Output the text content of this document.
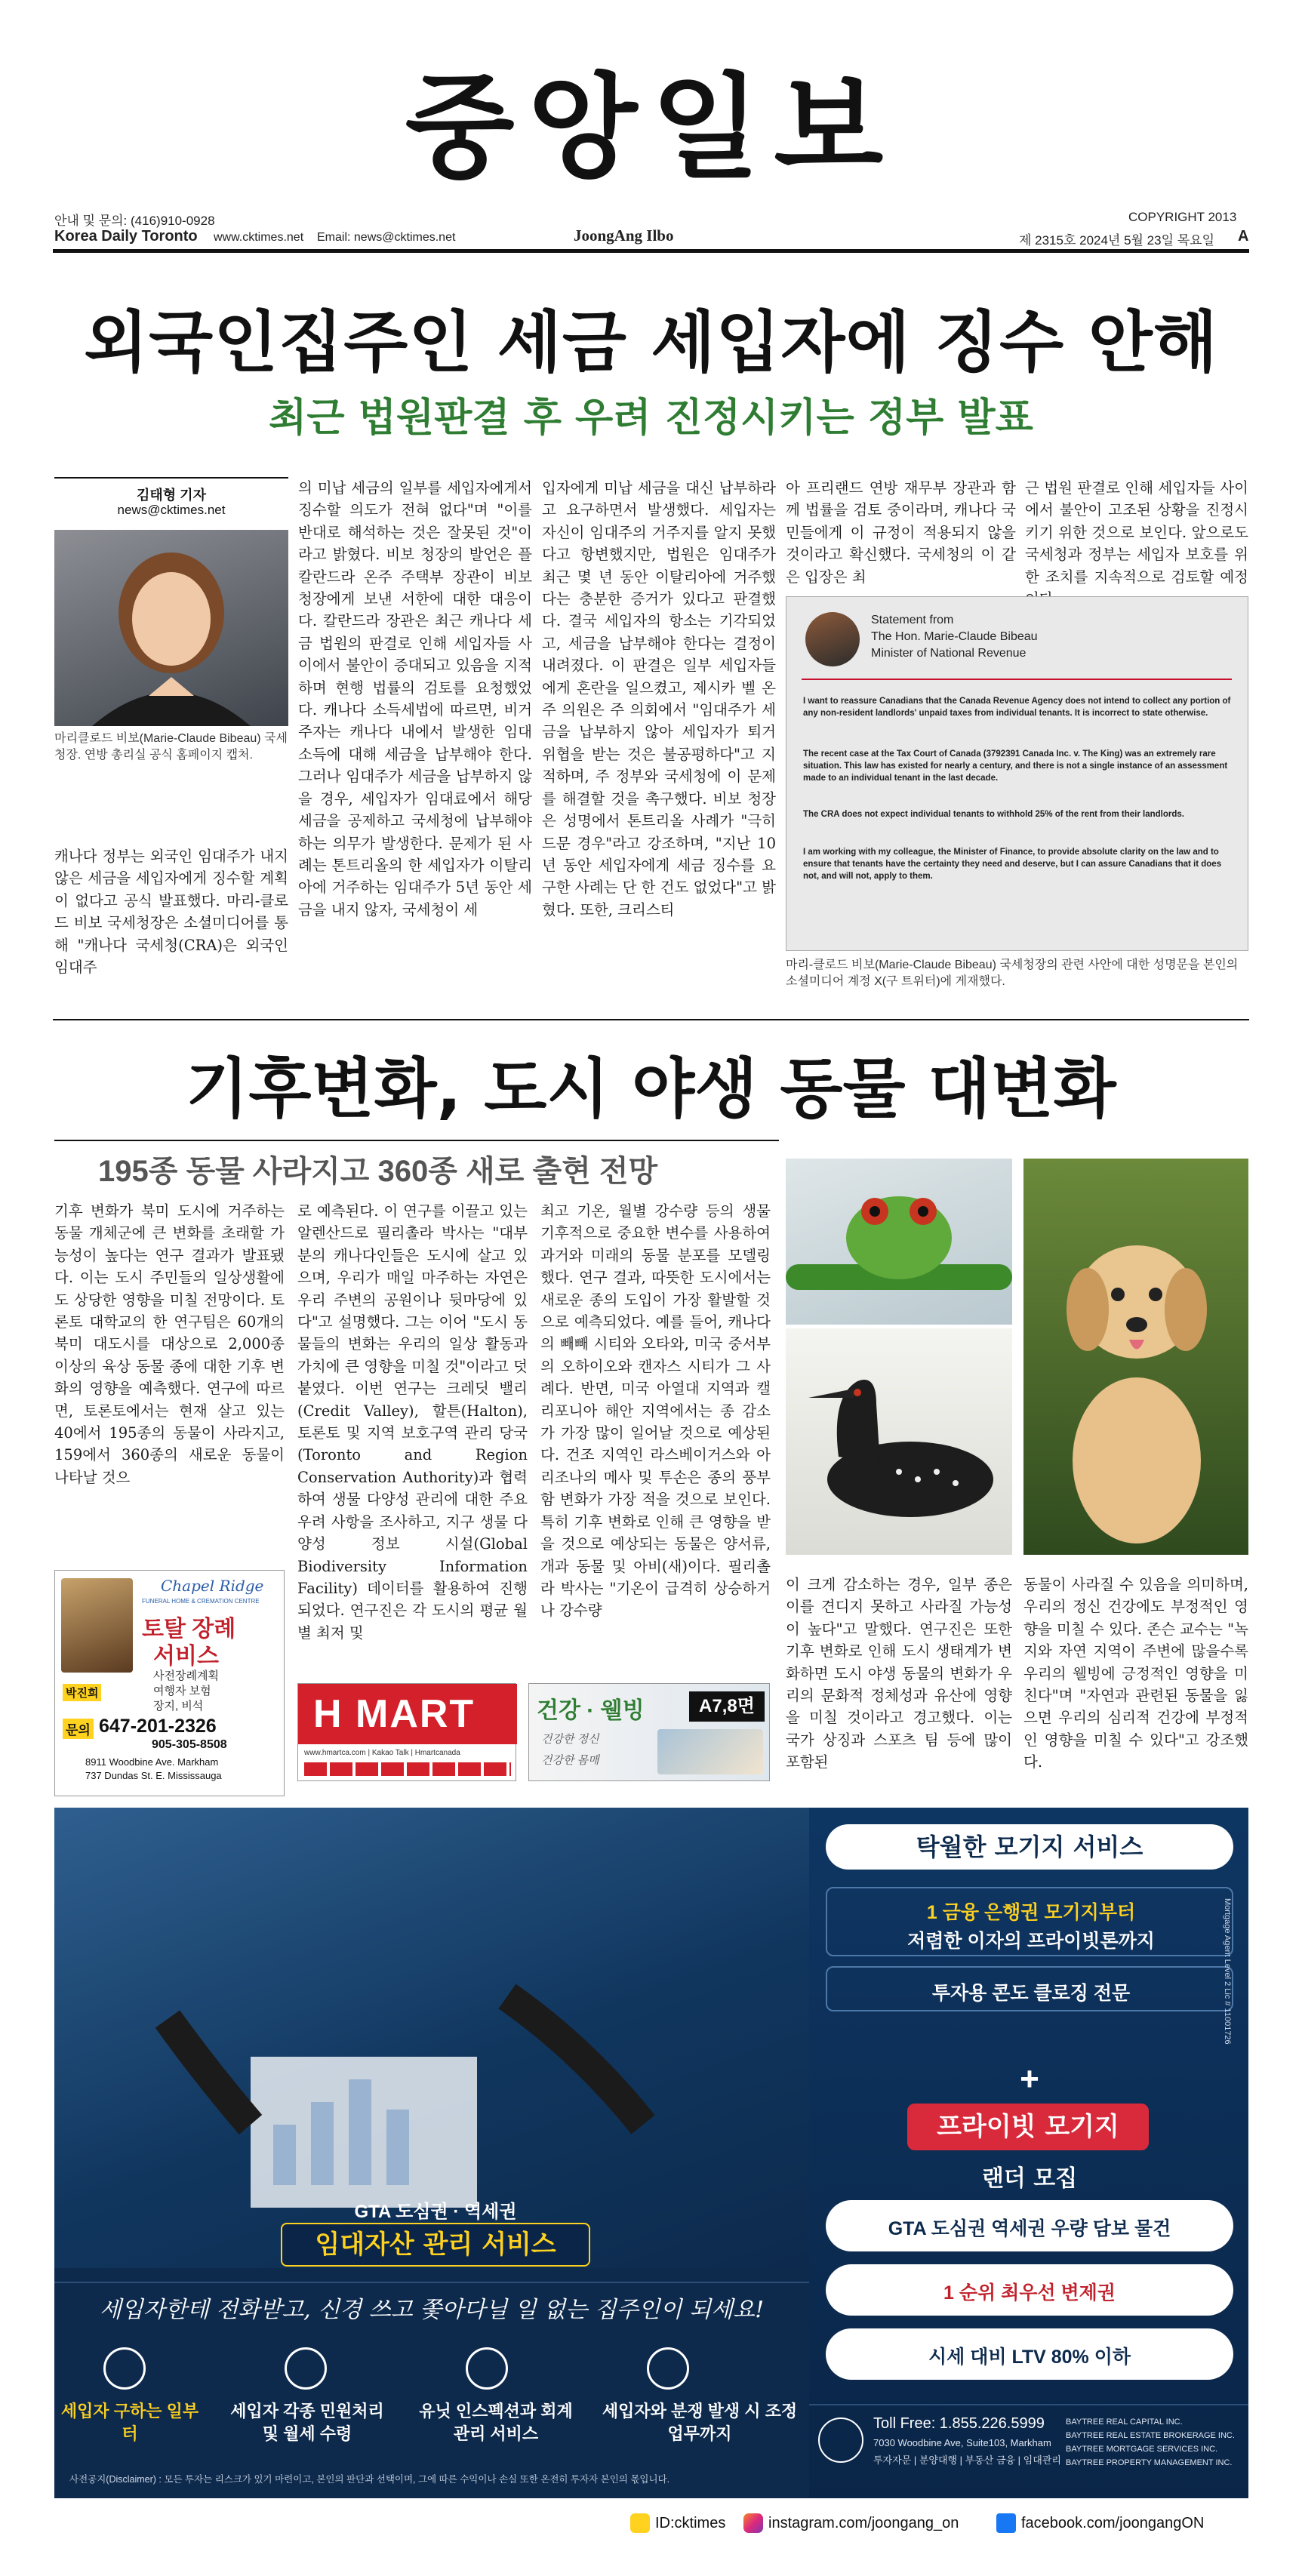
중앙일보
안내 및 문의: (416)910-0928
Korea Daily Toronto www.cktimes.net Email: news@cktimes.net	JoongAng Ilbo
COPYRIGHT 2013
제 2315호 2024년 5월 23일 목요일 A
외국인집주인 세금 세입자에 징수 안해
최근 법원판결 후 우려 진정시키는 정부 발표
김태형 기자
news@cktimes.net
마리클로드 비보(Marie-Claude Bibeau) 국세청장. 연방 총리실 공식 홈페이지 캡처.
캐나다 정부는 외국인 임대주가 내지 않은 세금을 세입자에게 징수할 계획이 없다고 공식 발표했다. 마리-클로드 비보 국세청장은 소셜미디어를 통해 "캐나다 국세청(CRA)은 외국인 임대주
의 미납 세금의 일부를 세입자에게서 징수할 의도가 전혀 없다"며 "이를 반대로 해석하는 것은 잘못된 것"이라고 밝혔다. 비보 청장의 발언은 플 칼란드라 온주 주택부 장관이 비보 청장에게 보낸 서한에 대한 대응이다. 칼란드라 장관은 최근 캐나다 세금 법원의 판결로 인해 세입자들 사이에서 불안이 증대되고 있음을 지적하며 현행 법률의 검토를 요청했었다. 캐나다 소득세법에 따르면, 비거주자는 캐나다 내에서 발생한 임대 소득에 대해 세금을 납부해야 한다. 그러나 임대주가 세금을 납부하지 않을 경우, 세입자가 임대료에서 해당 세금을 공제하고 국세청에 납부해야 하는 의무가 발생한다. 문제가 된 사례는 톤트리올의 한 세입자가 이탈리아에 거주하는 임대주가 5년 동안 세금을 내지 않자, 국세청이 세
입자에게 미납 세금을 대신 납부하라고 요구하면서 발생했다. 세입자는 자신이 임대주의 거주지를 알지 못했다고 항변했지만, 법원은 임대주가 최근 몇 년 동안 이탈리아에 거주했다는 충분한 증거가 있다고 판결했다. 결국 세입자의 항소는 기각되었고, 세금을 납부해야 한다는 결정이 내려졌다. 이 판결은 일부 세입자들에게 혼란을 일으켰고, 제시카 벨 온주 의원은 주 의회에서 "임대주가 세금을 납부하지 않아 세입자가 퇴거 위협을 받는 것은 불공평하다"고 지적하며, 주 정부와 국세청에 이 문제를 해결할 것을 촉구했다. 비보 청장은 성명에서 톤트리올 사례가 "극히 드문 경우"라고 강조하며, "지난 10년 동안 세입자에게 세금 징수를 요구한 사례는 단 한 건도 없었다"고 밝혔다. 또한, 크리스티
아 프리랜드 연방 재무부 장관과 함께 법률을 검토 중이라며, 캐나다 국민들에게 이 규정이 적용되지 않을 것이라고 확신했다. 국세청의 이 같은 입장은 최
근 법원 판결로 인해 세입자들 사이에서 불안이 고조된 상황을 진정시키기 위한 것으로 보인다. 앞으로도 국세청과 정부는 세입자 보호를 위한 조치를 지속적으로 검토할 예정
Statement from
The Hon. Marie-Claude Bibeau
Minister of National Revenue
I want to reassure Canadians that the Canada Revenue Agency does not intend to collect any portion of any non-resident landlords' unpaid taxes from individual tenants. It is incorrect to state otherwise.
The recent case at the Tax Court of Canada (3792391 Canada Inc. v. The King) was an extremely rare situation. This law has existed for nearly a century, and there is not a single instance of an assessment made to an individual tenant in the last decade.
The CRA does not expect individual tenants to withhold 25% of the rent from their landlords.
I am working with my colleague, the Minister of Finance, to provide absolute clarity on the law and to ensure that tenants have the certainty they need and deserve, but I can assure Canadians that it does not, and will not, apply to them.
마리-클로드 비보(Marie-Claude Bibeau) 국세청장의 관련 사안에 대한 성명문을 본인의 소셜미디어 계정 X(구 트위터)에 게재했다.
기후변화, 도시 야생 동물 대변화
195종 동물 사라지고 360종 새로 출현 전망
기후 변화가 북미 도시에 거주하는 동물 개체군에 큰 변화를 초래할 가능성이 높다는 연구 결과가 발표됐다. 이는 도시 주민들의 일상생활에도 상당한 영향을 미칠 전망이다. 토론토 대학교의 한 연구팀은 60개의 북미 대도시를 대상으로 2,000종 이상의 육상 동물 종에 대한 기후 변화의 영향을 예측했다. 연구에 따르면, 토론토에서는 현재 살고 있는 40에서 195종의 동물이 사라지고, 159에서 360종의 새로운 동물이 나타날 것으
로 예측된다. 이 연구를 이끌고 있는 알렌산드로 필리촐라 박사는 "대부분의 캐나다인들은 도시에 살고 있으며, 우리가 매일 마주하는 자연은 우리 주변의 공원이나 뒷마당에 있다"고 설명했다. 그는 이어 "도시 동물들의 변화는 우리의 일상 활동과 가치에 큰 영향을 미칠 것"이라고 덧붙였다. 이번 연구는 크레딧 밸리(Credit Valley), 할튼(Halton), 토론토 및 지역 보호구역 관리 당국(Toronto and Region Conservation Authority)과 협력하여 생물 다양성 관리에 대한 주요 우려 사항을 조사하고, 지구 생물 다양성 정보 시설(Global Biodiversity Information Facility) 데이터를 활용하여 진행되었다. 연구진은 각 도시의 평균 월별 최저 및
최고 기온, 월별 강수량 등의 생물 기후적으로 중요한 변수를 사용하여 과거와 미래의 동물 분포를 모델링했다. 연구 결과, 따뜻한 도시에서는 새로운 종의 도입이 가장 활발할 것으로 예측되었다. 예를 들어, 캐나다의 빼빼 시티와 오타와, 미국 중서부의 오하이오와 캔자스 시티가 그 사례다. 반면, 미국 아열대 지역과 캘리포니아 해안 지역에서는 종 감소가 가장 많이 일어날 것으로 예상된다. 건조 지역인 라스베이거스와 아리조나의 메사 및 투손은 종의 풍부함 변화가 가장 적을 것으로 보인다. 특히 기후 변화로 인해 큰 영향을 받을 것으로 예상되는 동물은 양서류, 개과 동물 및 아비(새)이다. 필리촐라 박사는 "기온이 급격히 상승하거나 강수량
이 크게 감소하는 경우, 일부 종은 이를 견디지 못하고 사라질 가능성이 높다"고 말했다. 연구진은 또한 기후 변화로 인해 도시 생태계가 변화하면 도시 야생 동물의 변화가 우리의 문화적 정체성과 유산에 영향을 미칠 것이라고 경고했다. 이는 국가 상징과 스포츠 팀 등에 많이 포함된
동물이 사라질 수 있음을 의미하며, 우리의 정신 건강에도 부정적인 영향을 미칠 수 있다. 존슨 교수는 "녹지와 자연 지역이 주변에 많을수록 우리의 웰빙에 긍정적인 영향을 미친다"며 "자연과 관련된 동물을 잃으면 우리의 심리적 건강에 부정적인 영향을 미칠 수 있다"고 강조했다.
Chapel Ridge
FUNERAL HOME & CREMATION CENTRE
토탈 장례
서비스
사전장례계획
여행자 보험
장지, 비석
박진희
문의 647-201-2326
905-305-8508
8911 Woodbine Ave. Markham
737 Dundas St. E. Mississauga
H MART
www.hmartca.com | Kakao Talk | Hmartcanada
건강 · 웰빙	A7,8면
건강한 정신
건강한 몸매
탁월한 모기지 서비스
1 금융 은행권 모기지부터
저렴한 이자의 프라이빗론까지
투자용 콘도 클로징 전문
+
프라이빗 모기지
랜더 모집
GTA 도심권 역세권 우량 담보 물건
1 순위 최우선 변제권
시세 대비 LTV 80% 이하
Mortgage Agent Level 2 Lic # 11001726
GTA 도심권 · 역세권
임대자산 관리 서비스
세입자한테 전화받고, 신경 쓰고 쫓아다닐 일 없는 집주인이 되세요!
세입자 구하는 일부터
세입자 각종 민원처리 및 월세 수령
유닛 인스펙션과 회계 관리 서비스
세입자와 분쟁 발생 시 조정 업무까지
Toll Free: 1.855.226.5999
7030 Woodbine Ave, Suite103, Markham
투자자문 | 분양대행 | 부동산 금융 | 임대관리
BAYTREE REAL CAPITAL INC.
BAYTREE REAL ESTATE BROKERAGE INC.
BAYTREE MORTGAGE SERVICES INC.
BAYTREE PROPERTY MANAGEMENT INC.
사전공지(Disclaimer) : 모든 투자는 리스크가 있기 마련이고, 본인의 판단과 선택이며, 그에 따른 수익이나 손실 또한 온전히 투자자 본인의 몫입니다.
ID:cktimes	instagram.com/joongang_on	facebook.com/joongangON
